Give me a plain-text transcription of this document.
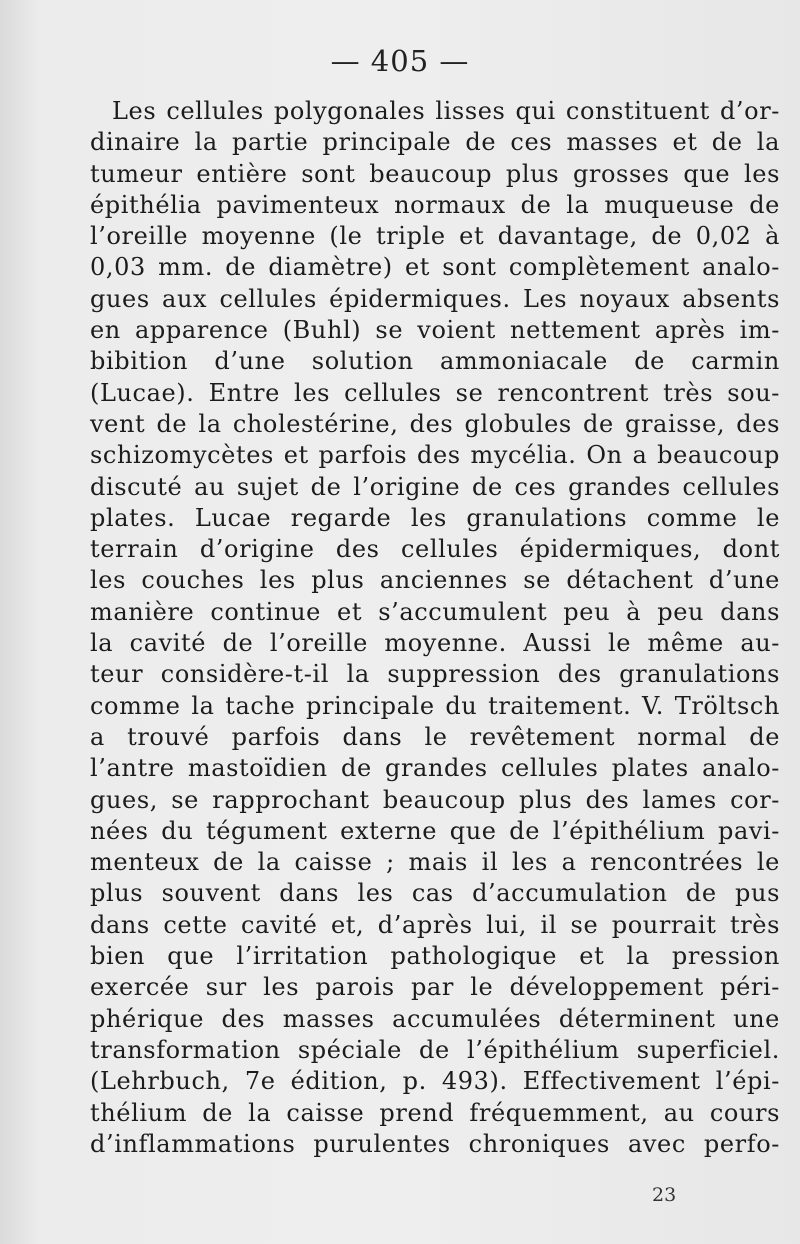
— 405 —
Les cellules polygonales lisses qui constituent d’or-
dinaire la partie principale de ces masses et de la
tumeur entière sont beaucoup plus grosses que les
épithélia pavimenteux normaux de la muqueuse de
l’oreille moyenne (le triple et davantage, de 0,02 à
0,03 mm. de diamètre) et sont complètement analo-
gues aux cellules épidermiques. Les noyaux absents
en apparence (Buhl) se voient nettement après im-
bibition d’une solution ammoniacale de carmin
(Lucae). Entre les cellules se rencontrent très sou-
vent de la cholestérine, des globules de graisse, des
schizomycètes et parfois des mycélia. On a beaucoup
discuté au sujet de l’origine de ces grandes cellules
plates. Lucae regarde les granulations comme le
terrain d’origine des cellules épidermiques, dont
les couches les plus anciennes se détachent d’une
manière continue et s’accumulent peu à peu dans
la cavité de l’oreille moyenne. Aussi le même au-
teur considère-t-il la suppression des granulations
comme la tache principale du traitement. V. Tröltsch
a trouvé parfois dans le revêtement normal de
l’antre mastoïdien de grandes cellules plates analo-
gues, se rapprochant beaucoup plus des lames cor-
nées du tégument externe que de l’épithélium pavi-
menteux de la caisse ; mais il les a rencontrées le
plus souvent dans les cas d’accumulation de pus
dans cette cavité et, d’après lui, il se pourrait très
bien que l’irritation pathologique et la pression
exercée sur les parois par le développement péri-
phérique des masses accumulées déterminent une
transformation spéciale de l’épithélium superficiel.
(Lehrbuch, 7e édition, p. 493). Effectivement l’épi-
thélium de la caisse prend fréquemment, au cours
d’inflammations purulentes chroniques avec perfo-
23
